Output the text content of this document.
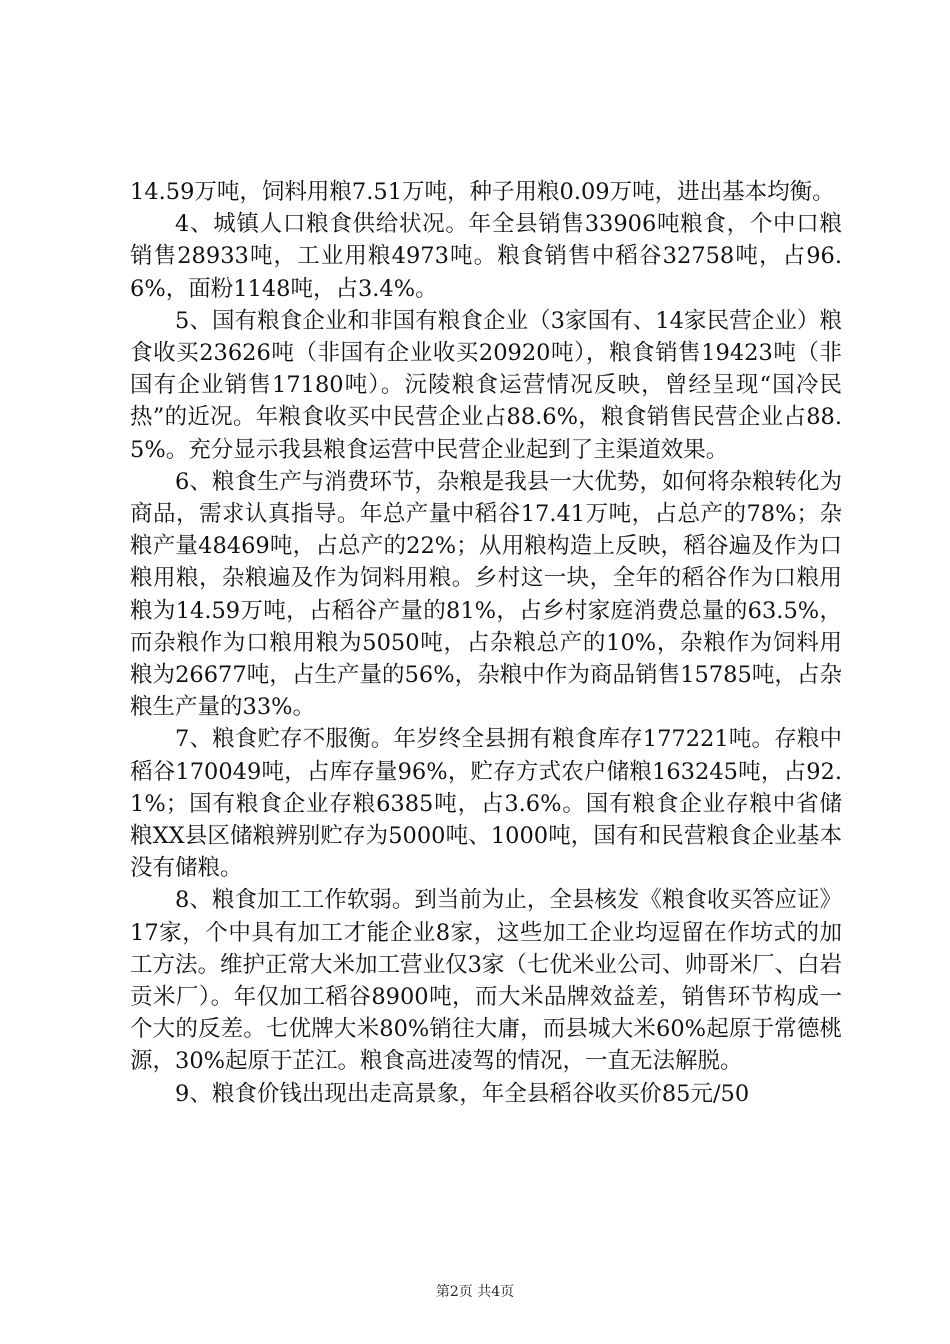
14.59万吨，饲料用粮7.51万吨，种子用粮0.09万吨，进出基本均衡。

4、城镇人口粮食供给状况。年全县销售33906吨粮食，个中口粮销售28933吨，工业用粮4973吨。粮食销售中稻谷32758吨，占96.6%，面粉1148吨，占3.4%。

5、国有粮食企业和非国有粮食企业（3家国有、14家民营企业）粮食收买23626吨（非国有企业收买20920吨），粮食销售19423吨（非国有企业销售17180吨）。沅陵粮食运营情况反映，曾经呈现“国冷民热”的近况。年粮食收买中民营企业占88.6%，粮食销售民营企业占88.5%。充分显示我县粮食运营中民营企业起到了主渠道效果。

6、粮食生产与消费环节，杂粮是我县一大优势，如何将杂粮转化为商品，需求认真指导。年总产量中稻谷17.41万吨，占总产的78%；杂粮产量48469吨，占总产的22%；从用粮构造上反映，稻谷遍及作为口粮用粮，杂粮遍及作为饲料用粮。乡村这一块，全年的稻谷作为口粮用粮为14.59万吨，占稻谷产量的81%，占乡村家庭消费总量的63.5%，而杂粮作为口粮用粮为5050吨，占杂粮总产的10%，杂粮作为饲料用粮为26677吨，占生产量的56%，杂粮中作为商品销售15785吨，占杂粮生产量的33%。

7、粮食贮存不服衡。年岁终全县拥有粮食库存177221吨。存粮中稻谷170049吨，占库存量96%，贮存方式农户储粮163245吨，占92.1%；国有粮食企业存粮6385吨，占3.6%。国有粮食企业存粮中省储粮XX县区储粮辨别贮存为5000吨、1000吨，国有和民营粮食企业基本没有储粮。

8、粮食加工工作软弱。到当前为止，全县核发《粮食收买答应证》17家，个中具有加工才能企业8家，这些加工企业均逗留在作坊式的加工方法。维护正常大米加工营业仅3家（七优米业公司、帅哥米厂、白岩贡米厂）。年仅加工稻谷8900吨，而大米品牌效益差，销售环节构成一个大的反差。七优牌大米80%销往大庸，而县城大米60%起原于常德桃源，30%起原于芷江。粮食高进凌驾的情况，一直无法解脱。

9、粮食价钱出现出走高景象，年全县稻谷收买价85元/50

第2页 共4页
